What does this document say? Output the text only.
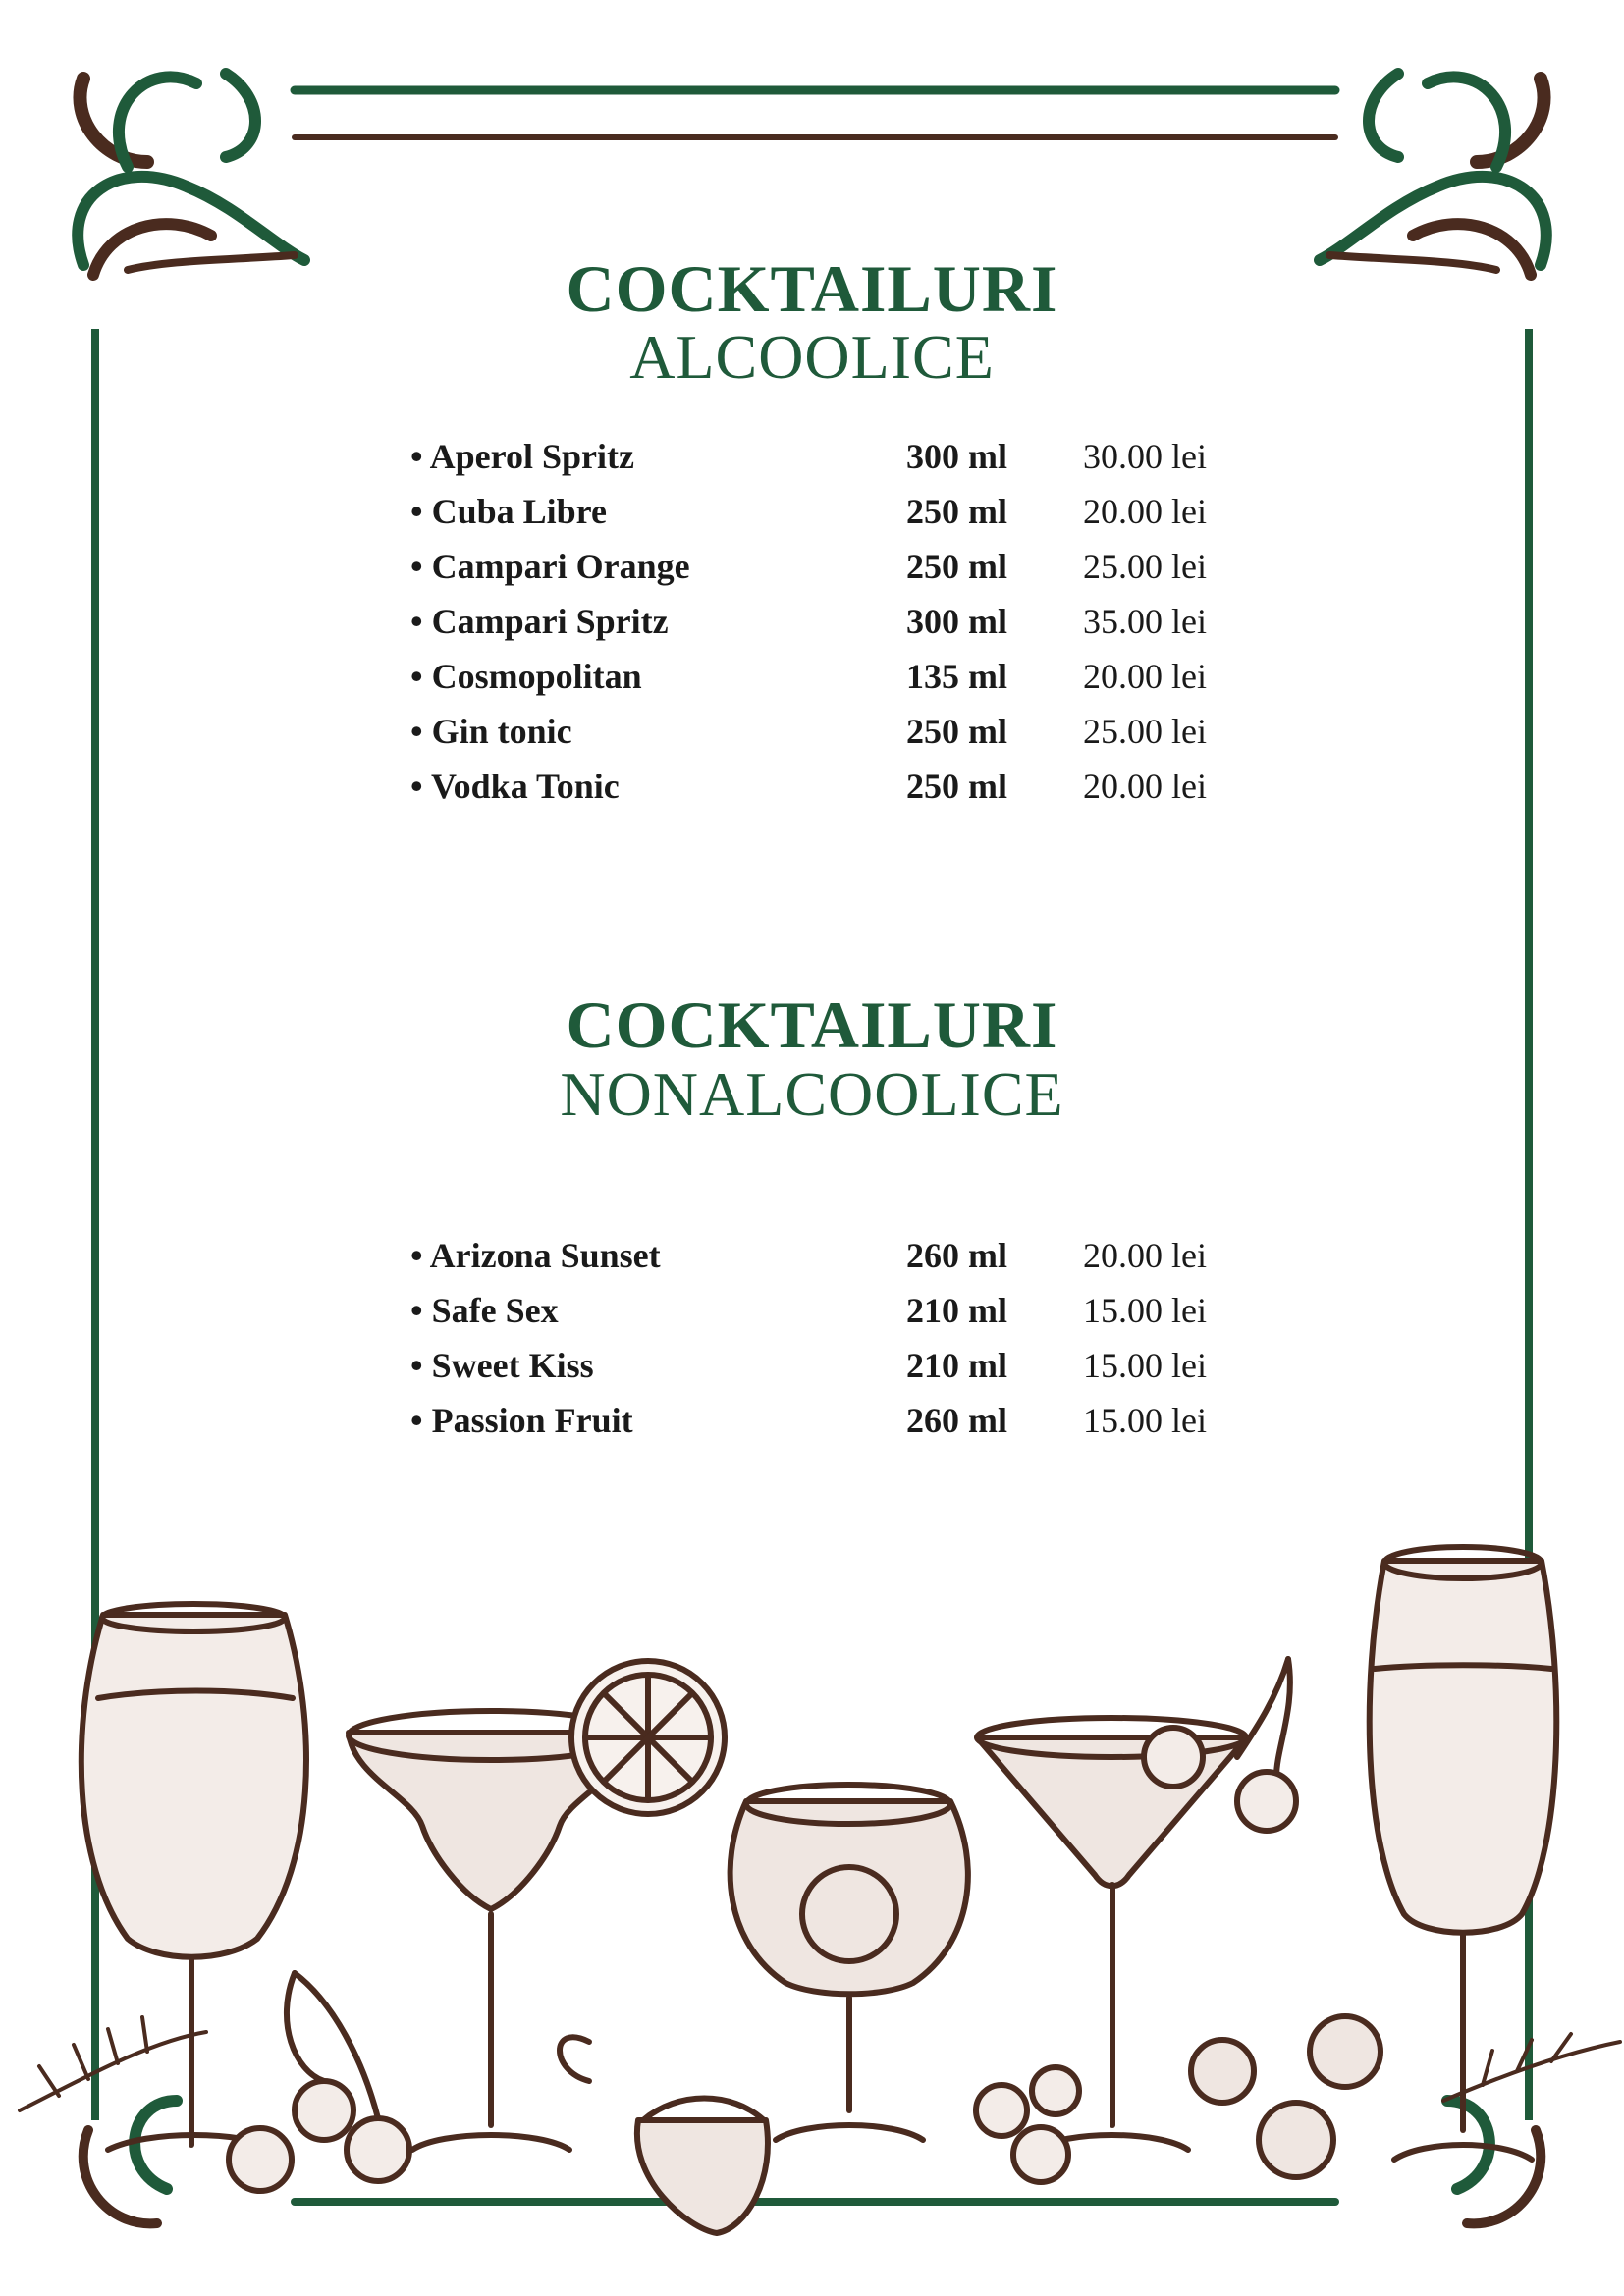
COCKTAILURI
ALCOOLICE
• Aperol Spritz	300 ml 30.00 lei
• Cuba Libre	250 ml 20.00 lei
• Campari Orange	250 ml 25.00 lei
• Campari Spritz	300 ml 35.00 lei
• Cosmopolitan	135 ml 20.00 lei
• Gin tonic	250 ml 25.00 lei
• Vodka Tonic	250 ml 20.00 lei
COCKTAILURI
NONALCOOLICE
• Arizona Sunset	260 ml 20.00 lei
• Safe Sex	210 ml 15.00 lei
• Sweet Kiss	210 ml 15.00 lei
• Passion Fruit	260 ml 15.00 lei
